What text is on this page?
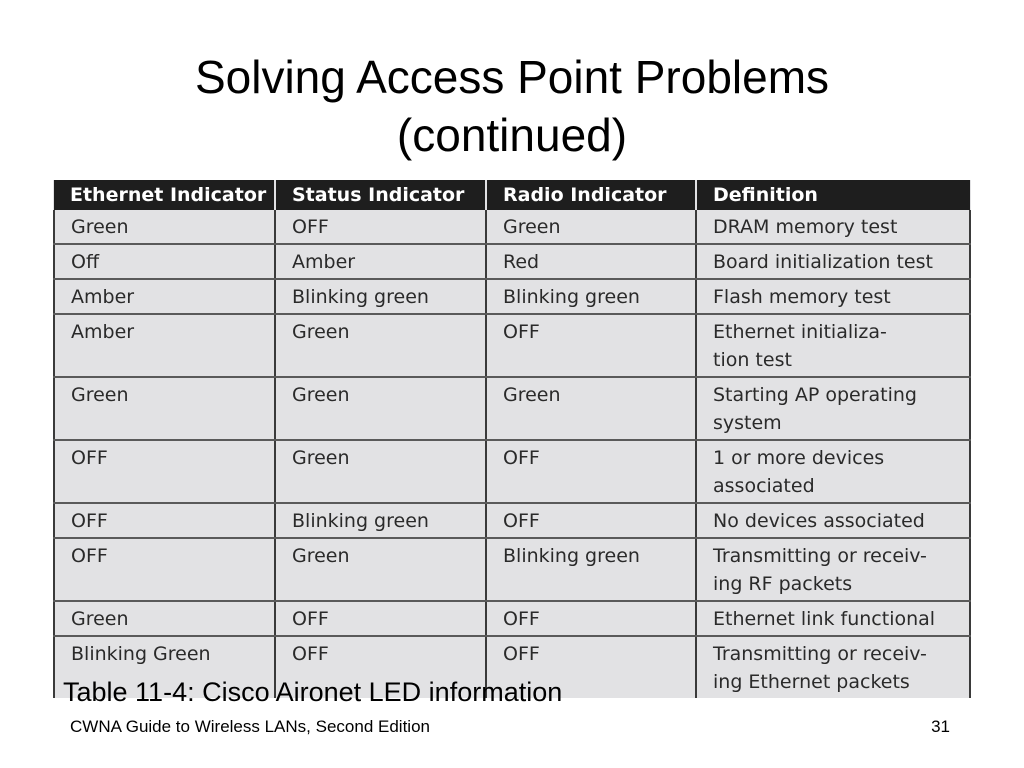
Solving Access Point Problems
(continued)
Ethernet Indicator	Status Indicator	Radio Indicator	Definition
Green	OFF	Green	DRAM memory test
Off	Amber	Red	Board initialization test
Amber	Blinking green	Blinking green	Flash memory test
Amber	Green	OFF	Ethernet initializa-
tion test
Green	Green	Green	Starting AP operating
system
OFF	Green	OFF	1 or more devices
associated
OFF	Blinking green	OFF	No devices associated
OFF	Green	Blinking green	Transmitting or receiv-
ing RF packets
Green	OFF	OFF	Ethernet link functional
Blinking Green	OFF	OFF	Transmitting or receiv-
ing Ethernet packets

Table 11-4: Cisco Aironet LED information

CWNA Guide to Wireless LANs, Second Edition	31
